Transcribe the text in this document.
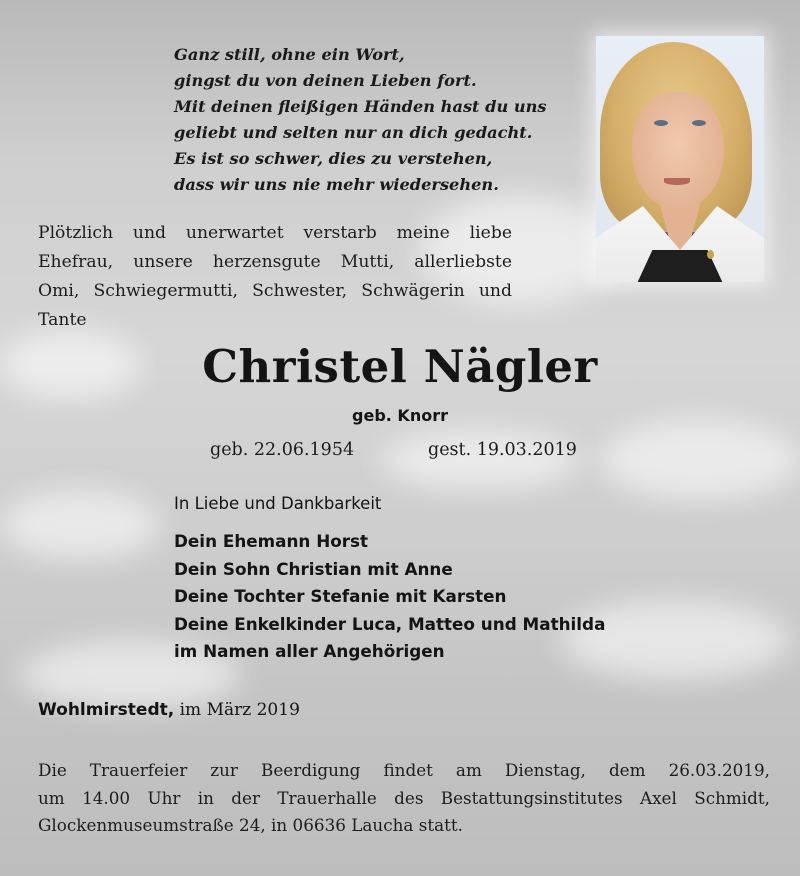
Ganz still, ohne ein Wort,
gingst du von deinen Lieben fort.
Mit deinen fleißigen Händen hast du uns
geliebt und selten nur an dich gedacht.
Es ist so schwer, dies zu verstehen,
dass wir uns nie mehr wiedersehen.
Plötzlich und unerwartet verstarb meine liebe
Ehefrau, unsere herzensgute Mutti, allerliebste
Omi, Schwiegermutti, Schwester, Schwägerin und
Tante
Christel Nägler
geb. Knorr
geb. 22.06.1954	gest. 19.03.2019
In Liebe und Dankbarkeit
Dein Ehemann Horst
Dein Sohn Christian mit Anne
Deine Tochter Stefanie mit Karsten
Deine Enkelkinder Luca, Matteo und Mathilda
im Namen aller Angehörigen
Wohlmirstedt, im März 2019
Die Trauerfeier zur Beerdigung findet am Dienstag, dem 26.03.2019,
um 14.00 Uhr in der Trauerhalle des Bestattungsinstitutes Axel Schmidt,
Glockenmuseumstraße 24, in 06636 Laucha statt.
